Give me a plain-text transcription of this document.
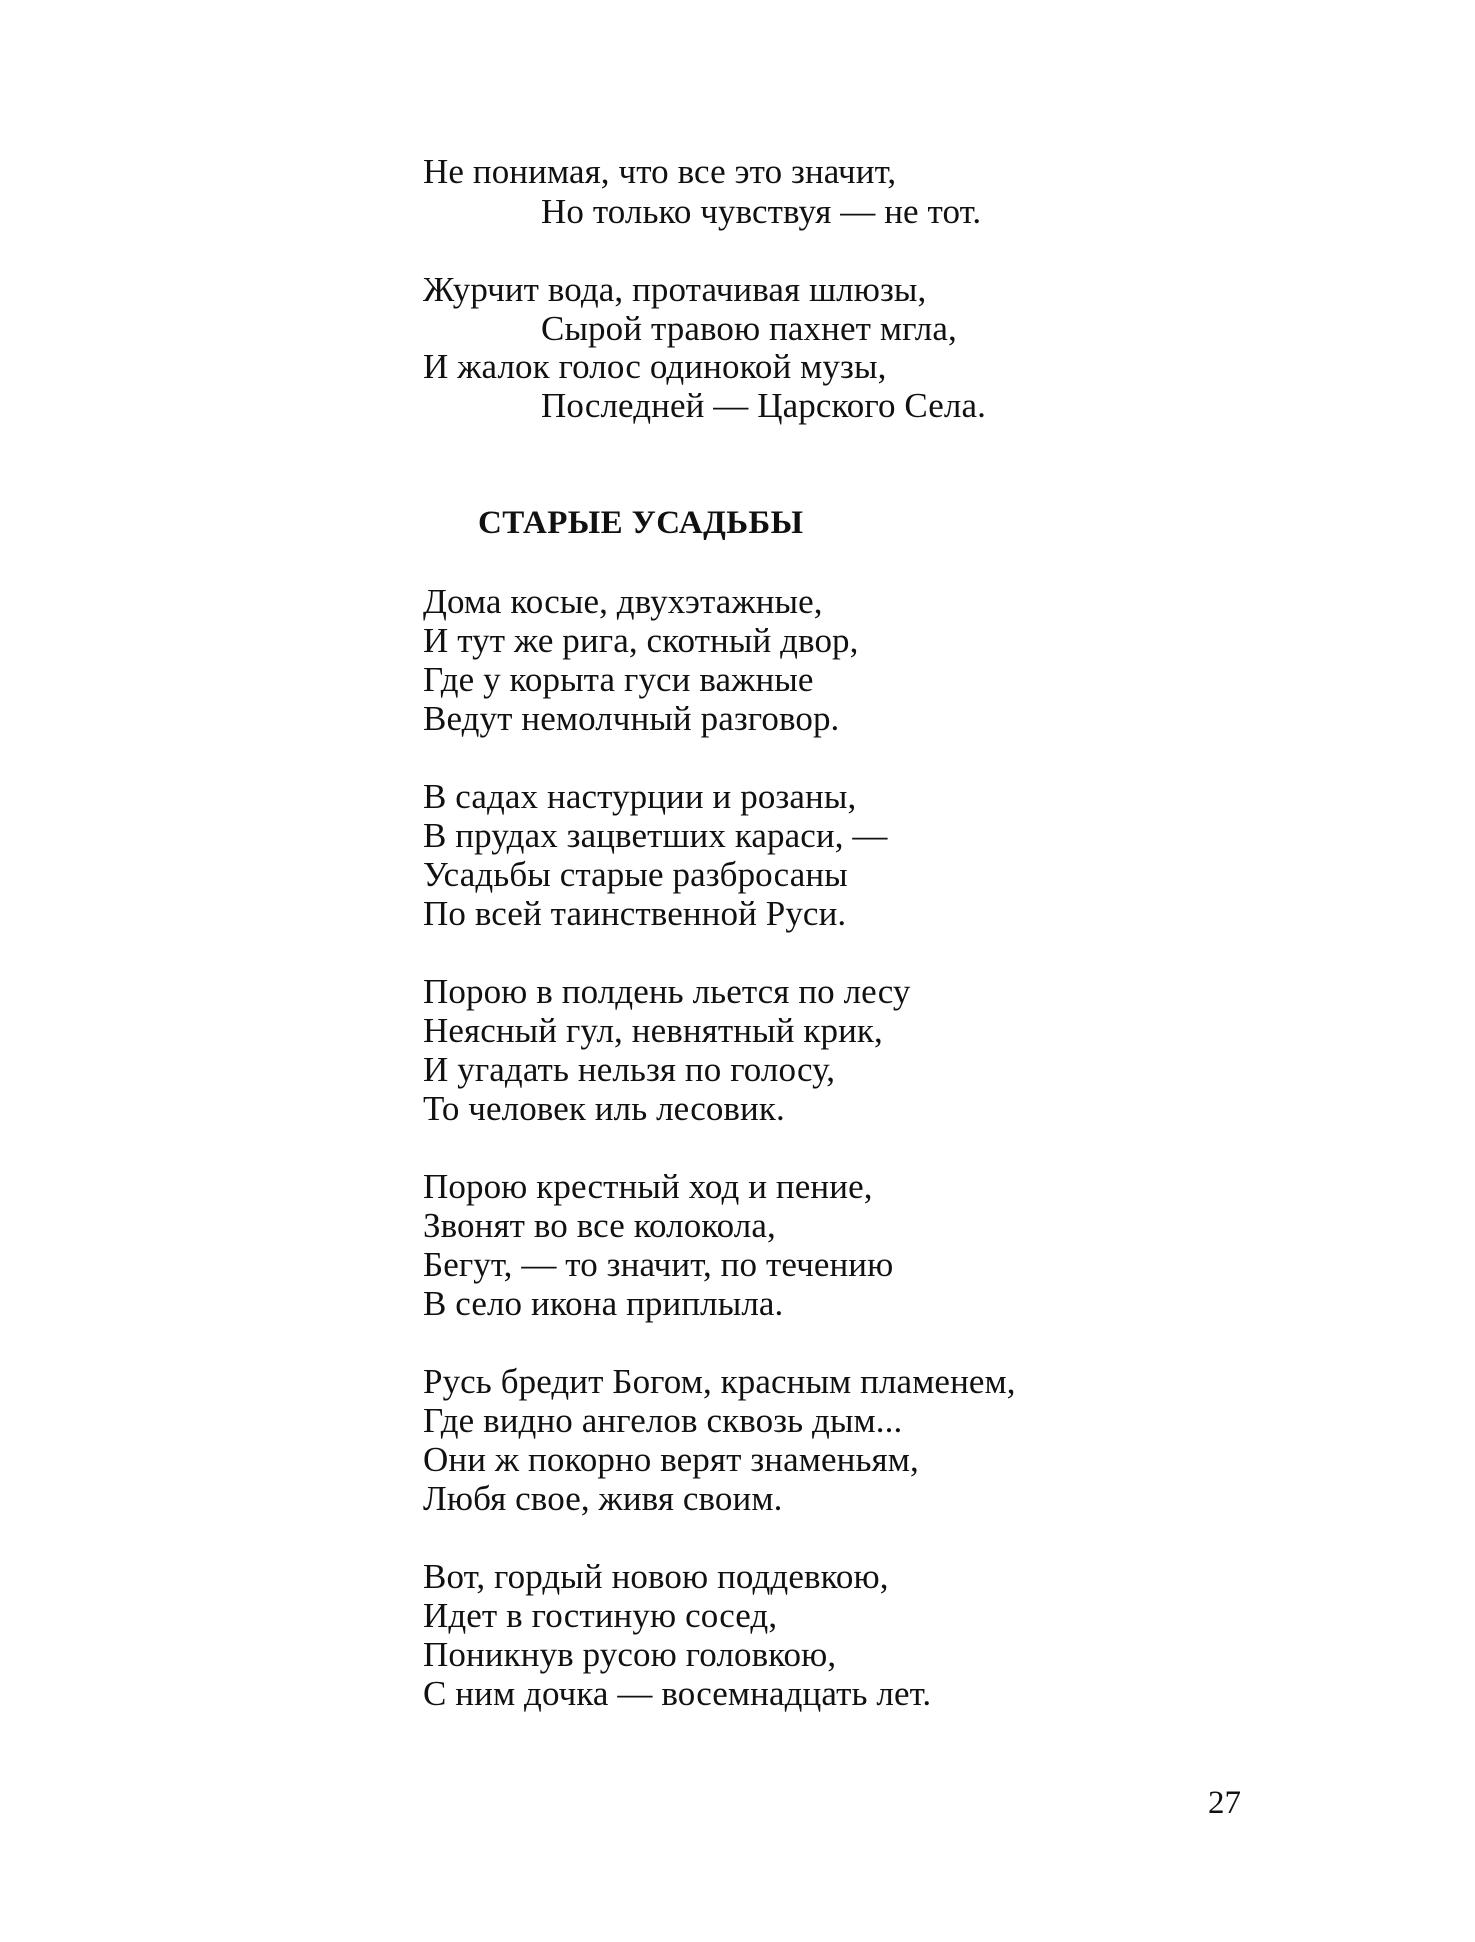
Не понимая, что все это значит,
Но только чувствуя — не тот.
Журчит вода, протачивая шлюзы,
Сырой травою пахнет мгла,
И жалок голос одинокой музы,
Последней — Царского Села.
СТАРЫЕ УСАДЬБЫ
Дома косые, двухэтажные,
И тут же рига, скотный двор,
Где у корыта гуси важные
Ведут немолчный разговор.
В садах настурции и розаны,
В прудах зацветших караси, —
Усадьбы старые разбросаны
По всей таинственной Руси.
Порою в полдень льется по лесу
Неясный гул, невнятный крик,
И угадать нельзя по голосу,
То человек иль лесовик.
Порою крестный ход и пение,
Звонят во все колокола,
Бегут, — то значит, по течению
В село икона приплыла.
Русь бредит Богом, красным пламенем,
Где видно ангелов сквозь дым...
Они ж покорно верят знаменьям,
Любя свое, живя своим.
Вот, гордый новою поддевкою,
Идет в гостиную сосед,
Поникнув русою головкою,
С ним дочка — восемнадцать лет.
27
